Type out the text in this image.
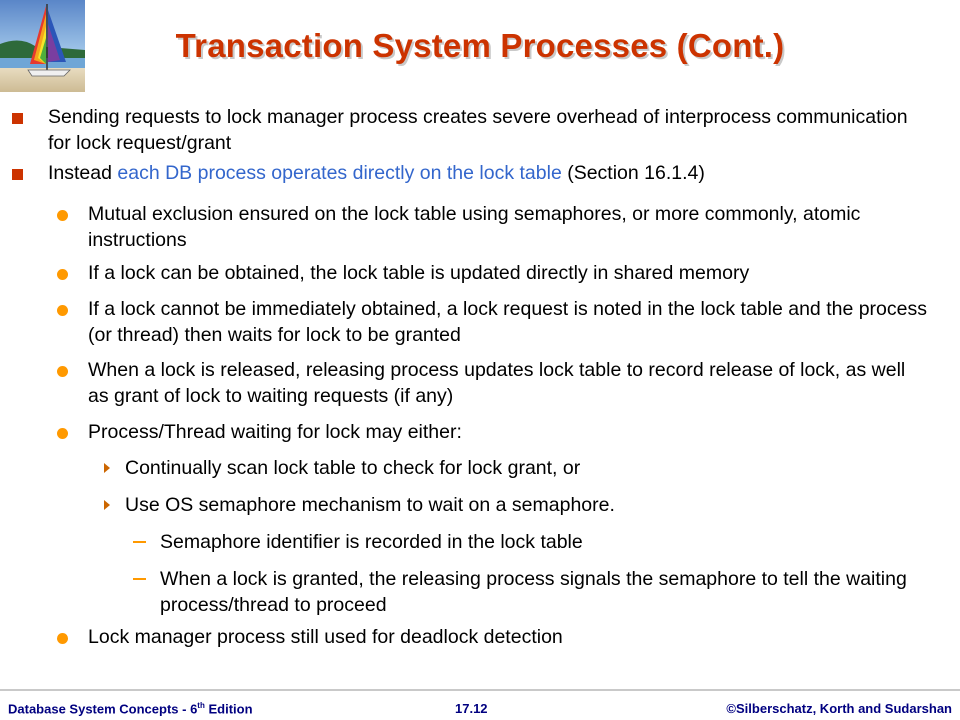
Transaction System Processes (Cont.)
Sending requests to lock manager process creates severe overhead of interprocess communication for lock request/grant
Instead each DB process operates directly on the lock table (Section 16.1.4)
Mutual exclusion ensured on the lock table using semaphores, or more commonly, atomic instructions
If a lock can be obtained, the lock table is updated directly in shared memory
If a lock cannot be immediately obtained, a lock request is noted in the lock table and the process (or thread) then waits for lock to be granted
When a lock is released, releasing process updates lock table to record release of lock, as well as grant of lock to waiting requests (if any)
Process/Thread waiting for lock may either:
Continually scan lock table to check for lock grant, or
Use OS semaphore mechanism to wait on a semaphore.
Semaphore identifier is recorded in the lock table
When a lock is granted, the releasing process signals the semaphore to tell the waiting process/thread to proceed
Lock manager process still used for deadlock detection
Database System Concepts - 6th Edition	17.12	©Silberschatz, Korth and Sudarshan
